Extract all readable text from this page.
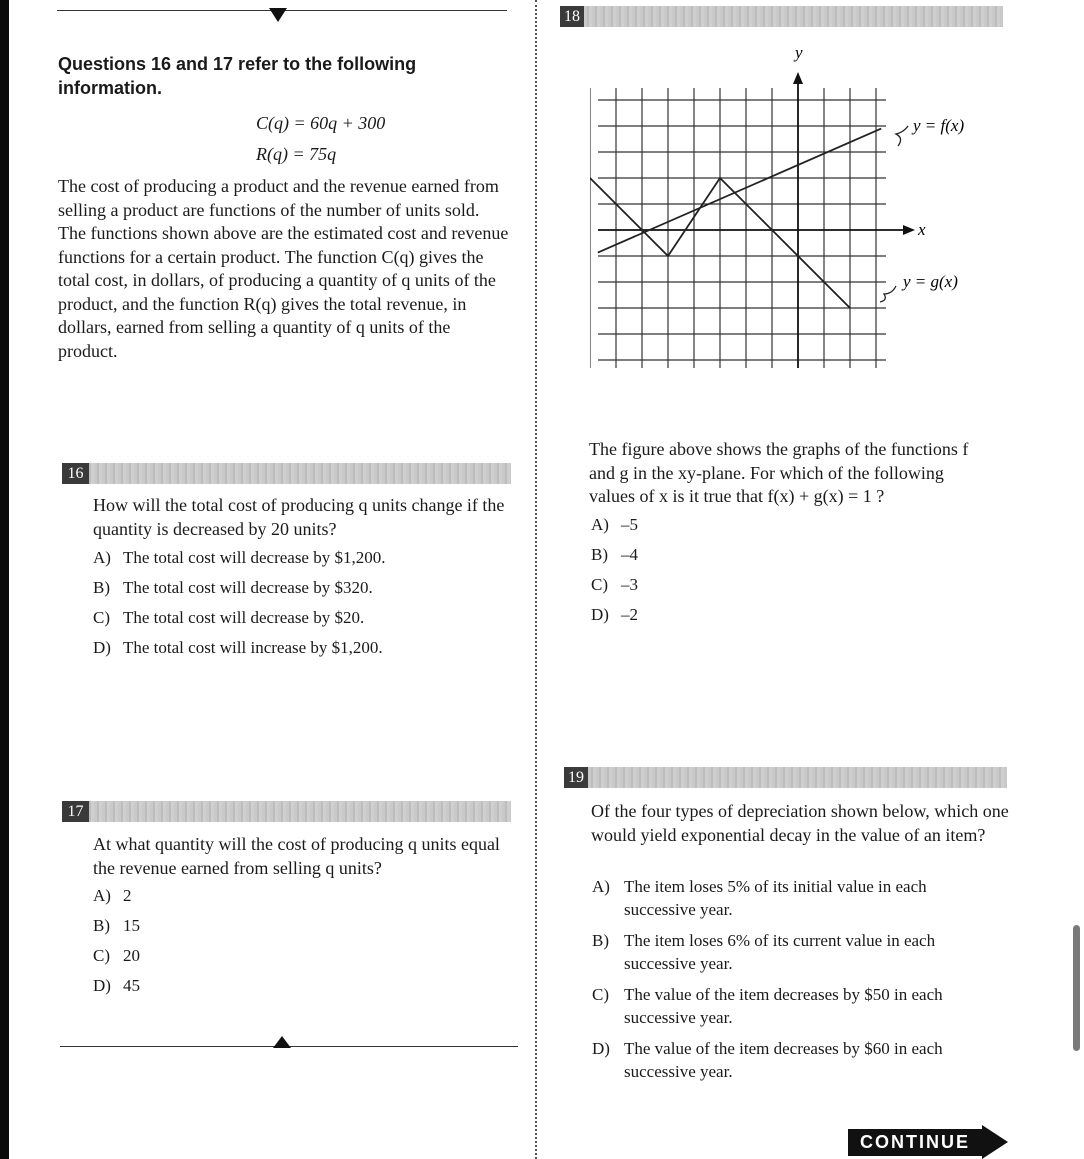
Questions 16 and 17 refer to the following information.
C(q) = 60q + 300
R(q) = 75q
The cost of producing a product and the revenue earned from selling a product are functions of the number of units sold. The functions shown above are the estimated cost and revenue functions for a certain product. The function C(q) gives the total cost, in dollars, of producing a quantity of q units of the product, and the function R(q) gives the total revenue, in dollars, earned from selling a quantity of q units of the product.
16
How will the total cost of producing q units change if the quantity is decreased by 20 units?
A) The total cost will decrease by $1,200.
B) The total cost will decrease by $320.
C) The total cost will decrease by $20.
D) The total cost will increase by $1,200.
17
At what quantity will the cost of producing q units equal the revenue earned from selling q units?
A) 2
B) 15
C) 20
D) 45
18
y = f(x)
y = g(x)
x
y
The figure above shows the graphs of the functions f and g in the xy-plane. For which of the following values of x is it true that f(x) + g(x) = 1 ?
A) –5
B) –4
C) –3
D) –2
19
Of the four types of depreciation shown below, which one would yield exponential decay in the value of an item?
A) The item loses 5% of its initial value in each successive year.
B) The item loses 6% of its current value in each successive year.
C) The value of the item decreases by $50 in each successive year.
D) The value of the item decreases by $60 in each successive year.
CONTINUE
